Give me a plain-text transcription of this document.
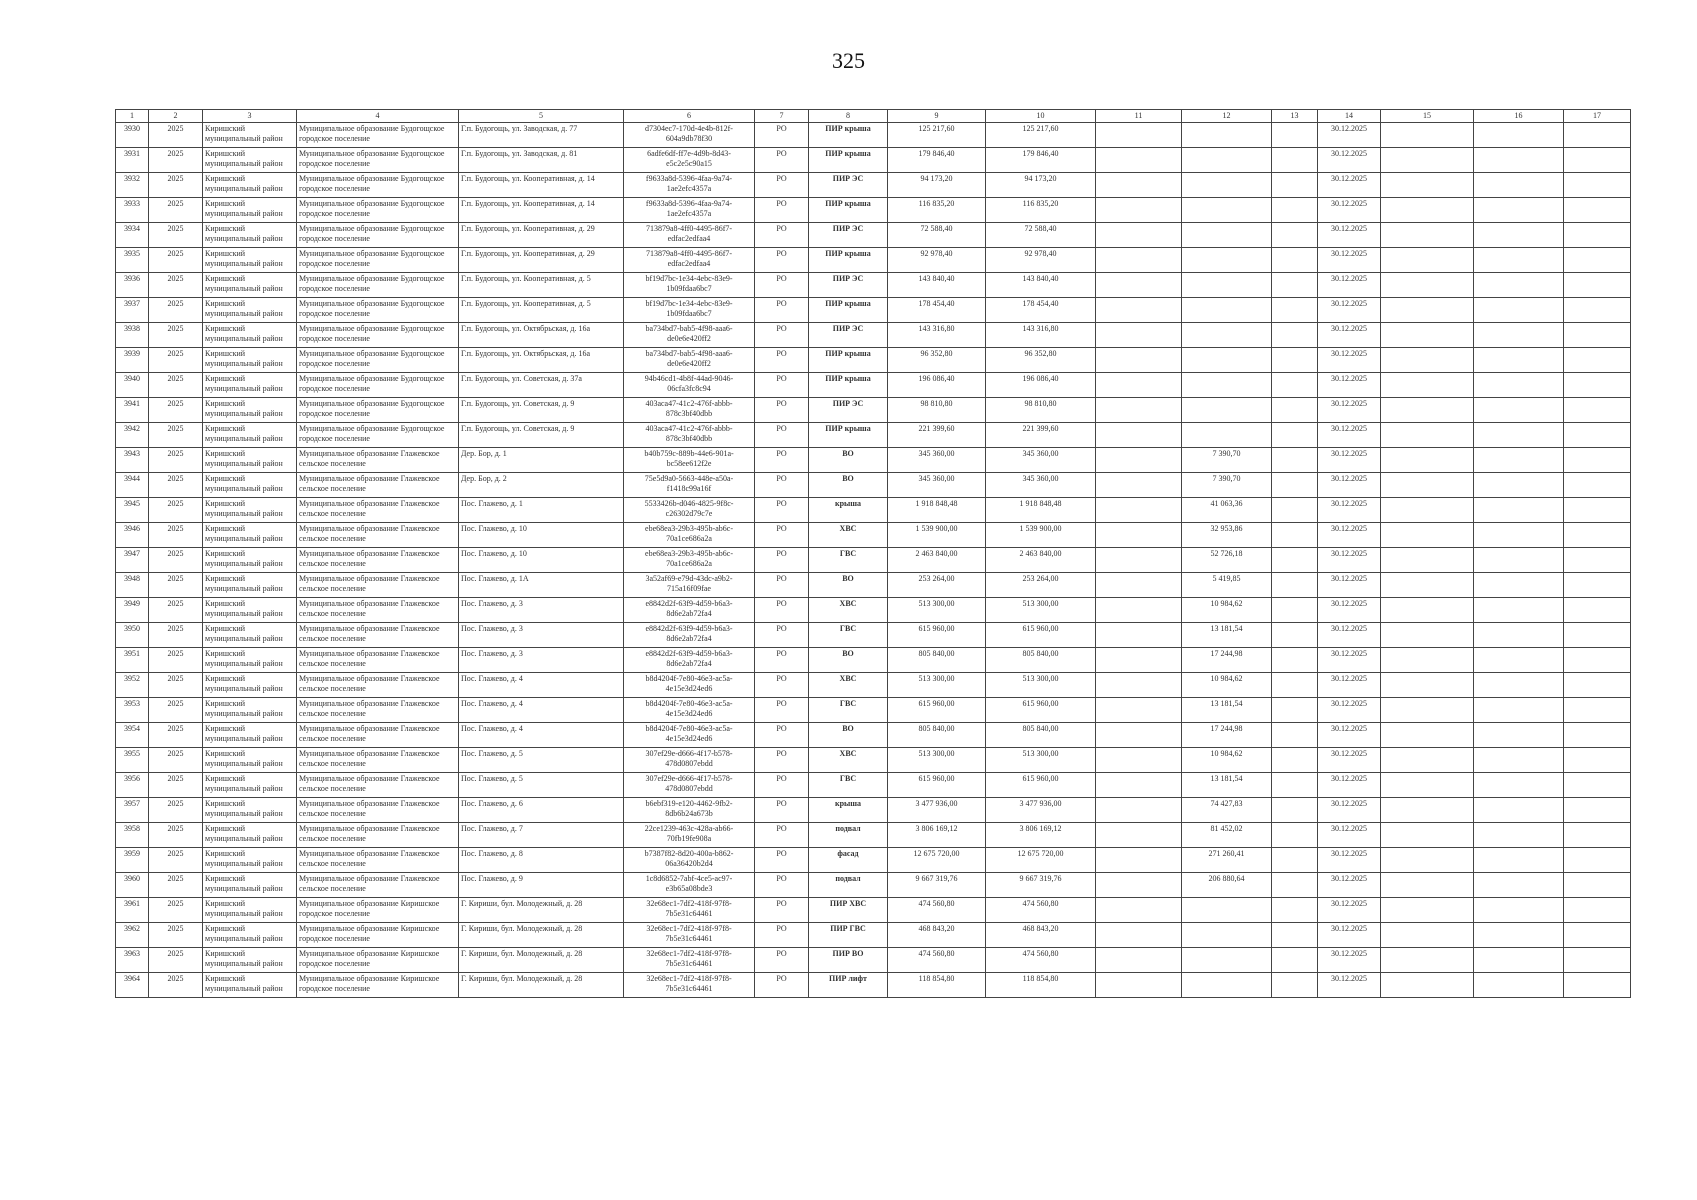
325
1	2	3	4	5	6	7	8	9	10	11	12	13	14	15	16	17
3930	2025	Киришский муниципальный район	Муниципальное образование Будогощское городское поселение	Г.п. Будогощь, ул. Заводская, д. 77	d7304ec7-170d-4e4b-812f-604a9db78f30	РО	ПИР крыша	125 217,60	125 217,60				30.12.2025			
3931	2025	Киришский муниципальный район	Муниципальное образование Будогощское городское поселение	Г.п. Будогощь, ул. Заводская, д. 81	6adfe6df-ff7e-4d9b-8d43-e5c2e5c90a15	РО	ПИР крыша	179 846,40	179 846,40				30.12.2025			
3932	2025	Киришский муниципальный район	Муниципальное образование Будогощское городское поселение	Г.п. Будогощь, ул. Кооперативная, д. 14	f9633a8d-5396-4faa-9a74-1ae2efc4357a	РО	ПИР ЭС	94 173,20	94 173,20				30.12.2025			
3933	2025	Киришский муниципальный район	Муниципальное образование Будогощское городское поселение	Г.п. Будогощь, ул. Кооперативная, д. 14	f9633a8d-5396-4faa-9a74-1ae2efc4357a	РО	ПИР крыша	116 835,20	116 835,20				30.12.2025			
3934	2025	Киришский муниципальный район	Муниципальное образование Будогощское городское поселение	Г.п. Будогощь, ул. Кооперативная, д. 29	713879a8-4ff0-4495-86f7-edfac2edfaa4	РО	ПИР ЭС	72 588,40	72 588,40				30.12.2025			
3935	2025	Киришский муниципальный район	Муниципальное образование Будогощское городское поселение	Г.п. Будогощь, ул. Кооперативная, д. 29	713879a8-4ff0-4495-86f7-edfac2edfaa4	РО	ПИР крыша	92 978,40	92 978,40				30.12.2025			
3936	2025	Киришский муниципальный район	Муниципальное образование Будогощское городское поселение	Г.п. Будогощь, ул. Кооперативная, д. 5	bf19d7bc-1e34-4ebc-83e9-1b09fdaa6bc7	РО	ПИР ЭС	143 840,40	143 840,40				30.12.2025			
3937	2025	Киришский муниципальный район	Муниципальное образование Будогощское городское поселение	Г.п. Будогощь, ул. Кооперативная, д. 5	bf19d7bc-1e34-4ebc-83e9-1b09fdaa6bc7	РО	ПИР крыша	178 454,40	178 454,40				30.12.2025			
3938	2025	Киришский муниципальный район	Муниципальное образование Будогощское городское поселение	Г.п. Будогощь, ул. Октябрьская, д. 16а	ba734bd7-bab5-4f98-aaa6-de0e6e420ff2	РО	ПИР ЭС	143 316,80	143 316,80				30.12.2025			
3939	2025	Киришский муниципальный район	Муниципальное образование Будогощское городское поселение	Г.п. Будогощь, ул. Октябрьская, д. 16а	ba734bd7-bab5-4f98-aaa6-de0e6e420ff2	РО	ПИР крыша	96 352,80	96 352,80				30.12.2025			
3940	2025	Киришский муниципальный район	Муниципальное образование Будогощское городское поселение	Г.п. Будогощь, ул. Советская, д. 37а	94b46cd1-4b8f-44ad-9046-06cfa3fc8c94	РО	ПИР крыша	196 086,40	196 086,40				30.12.2025			
3941	2025	Киришский муниципальный район	Муниципальное образование Будогощское городское поселение	Г.п. Будогощь, ул. Советская, д. 9	403aca47-41c2-476f-abbb-878c3bf40dbb	РО	ПИР ЭС	98 810,80	98 810,80				30.12.2025			
3942	2025	Киришский муниципальный район	Муниципальное образование Будогощское городское поселение	Г.п. Будогощь, ул. Советская, д. 9	403aca47-41c2-476f-abbb-878c3bf40dbb	РО	ПИР крыша	221 399,60	221 399,60				30.12.2025			
3943	2025	Киришский муниципальный район	Муниципальное образование Глажевское сельское поселение	Дер. Бор, д. 1	b40b759c-889b-44e6-901a-bc58ee612f2e	РО	ВО	345 360,00	345 360,00		7 390,70		30.12.2025			
3944	2025	Киришский муниципальный район	Муниципальное образование Глажевское сельское поселение	Дер. Бор, д. 2	75e5d9a0-5663-448e-a50a-f1418c99a16f	РО	ВО	345 360,00	345 360,00		7 390,70		30.12.2025			
3945	2025	Киришский муниципальный район	Муниципальное образование Глажевское сельское поселение	Пос. Глажево, д. 1	5533426b-d046-4825-9f8c-c26302d79c7e	РО	крыша	1 918 848,48	1 918 848,48		41 063,36		30.12.2025			
3946	2025	Киришский муниципальный район	Муниципальное образование Глажевское сельское поселение	Пос. Глажево, д. 10	ebe68ea3-29b3-495b-ab6c-70a1ce686a2a	РО	ХВС	1 539 900,00	1 539 900,00		32 953,86		30.12.2025			
3947	2025	Киришский муниципальный район	Муниципальное образование Глажевское сельское поселение	Пос. Глажево, д. 10	ebe68ea3-29b3-495b-ab6c-70a1ce686a2a	РО	ГВС	2 463 840,00	2 463 840,00		52 726,18		30.12.2025			
3948	2025	Киришский муниципальный район	Муниципальное образование Глажевское сельское поселение	Пос. Глажево, д. 1А	3a52af69-e79d-43dc-a9b2-715a16f09fae	РО	ВО	253 264,00	253 264,00		5 419,85		30.12.2025			
3949	2025	Киришский муниципальный район	Муниципальное образование Глажевское сельское поселение	Пос. Глажево, д. 3	e8842d2f-63f9-4d59-b6a3-8d6e2ab72fa4	РО	ХВС	513 300,00	513 300,00		10 984,62		30.12.2025			
3950	2025	Киришский муниципальный район	Муниципальное образование Глажевское сельское поселение	Пос. Глажево, д. 3	e8842d2f-63f9-4d59-b6a3-8d6e2ab72fa4	РО	ГВС	615 960,00	615 960,00		13 181,54		30.12.2025			
3951	2025	Киришский муниципальный район	Муниципальное образование Глажевское сельское поселение	Пос. Глажево, д. 3	e8842d2f-63f9-4d59-b6a3-8d6e2ab72fa4	РО	ВО	805 840,00	805 840,00		17 244,98		30.12.2025			
3952	2025	Киришский муниципальный район	Муниципальное образование Глажевское сельское поселение	Пос. Глажево, д. 4	b8d4204f-7e80-46e3-ac5a-4e15e3d24ed6	РО	ХВС	513 300,00	513 300,00		10 984,62		30.12.2025			
3953	2025	Киришский муниципальный район	Муниципальное образование Глажевское сельское поселение	Пос. Глажево, д. 4	b8d4204f-7e80-46e3-ac5a-4e15e3d24ed6	РО	ГВС	615 960,00	615 960,00		13 181,54		30.12.2025			
3954	2025	Киришский муниципальный район	Муниципальное образование Глажевское сельское поселение	Пос. Глажево, д. 4	b8d4204f-7e80-46e3-ac5a-4e15e3d24ed6	РО	ВО	805 840,00	805 840,00		17 244,98		30.12.2025			
3955	2025	Киришский муниципальный район	Муниципальное образование Глажевское сельское поселение	Пос. Глажево, д. 5	307ef29e-d666-4f17-b578-478d0807ebdd	РО	ХВС	513 300,00	513 300,00		10 984,62		30.12.2025			
3956	2025	Киришский муниципальный район	Муниципальное образование Глажевское сельское поселение	Пос. Глажево, д. 5	307ef29e-d666-4f17-b578-478d0807ebdd	РО	ГВС	615 960,00	615 960,00		13 181,54		30.12.2025			
3957	2025	Киришский муниципальный район	Муниципальное образование Глажевское сельское поселение	Пос. Глажево, д. 6	b6ebf319-e120-4462-9fb2-8db6b24a673b	РО	крыша	3 477 936,00	3 477 936,00		74 427,83		30.12.2025			
3958	2025	Киришский муниципальный район	Муниципальное образование Глажевское сельское поселение	Пос. Глажево, д. 7	22ce1239-463c-428a-ab66-70fb19fe908a	РО	подвал	3 806 169,12	3 806 169,12		81 452,02		30.12.2025			
3959	2025	Киришский муниципальный район	Муниципальное образование Глажевское сельское поселение	Пос. Глажево, д. 8	b7387f82-8d20-400a-b862-06a36420b2d4	РО	фасад	12 675 720,00	12 675 720,00		271 260,41		30.12.2025			
3960	2025	Киришский муниципальный район	Муниципальное образование Глажевское сельское поселение	Пос. Глажево, д. 9	1c8d6852-7abf-4ce5-ac97-e3b65a08bde3	РО	подвал	9 667 319,76	9 667 319,76		206 880,64		30.12.2025			
3961	2025	Киришский муниципальный район	Муниципальное образование Киришское городское поселение	Г. Кириши, бул. Молодежный, д. 28	32e68ec1-7df2-418f-97f8-7b5e31c64461	РО	ПИР ХВС	474 560,80	474 560,80				30.12.2025			
3962	2025	Киришский муниципальный район	Муниципальное образование Киришское городское поселение	Г. Кириши, бул. Молодежный, д. 28	32e68ec1-7df2-418f-97f8-7b5e31c64461	РО	ПИР ГВС	468 843,20	468 843,20				30.12.2025			
3963	2025	Киришский муниципальный район	Муниципальное образование Киришское городское поселение	Г. Кириши, бул. Молодежный, д. 28	32e68ec1-7df2-418f-97f8-7b5e31c64461	РО	ПИР ВО	474 560,80	474 560,80				30.12.2025			
3964	2025	Киришский муниципальный район	Муниципальное образование Киришское городское поселение	Г. Кириши, бул. Молодежный, д. 28	32e68ec1-7df2-418f-97f8-7b5e31c64461	РО	ПИР лифт	118 854,80	118 854,80				30.12.2025			
